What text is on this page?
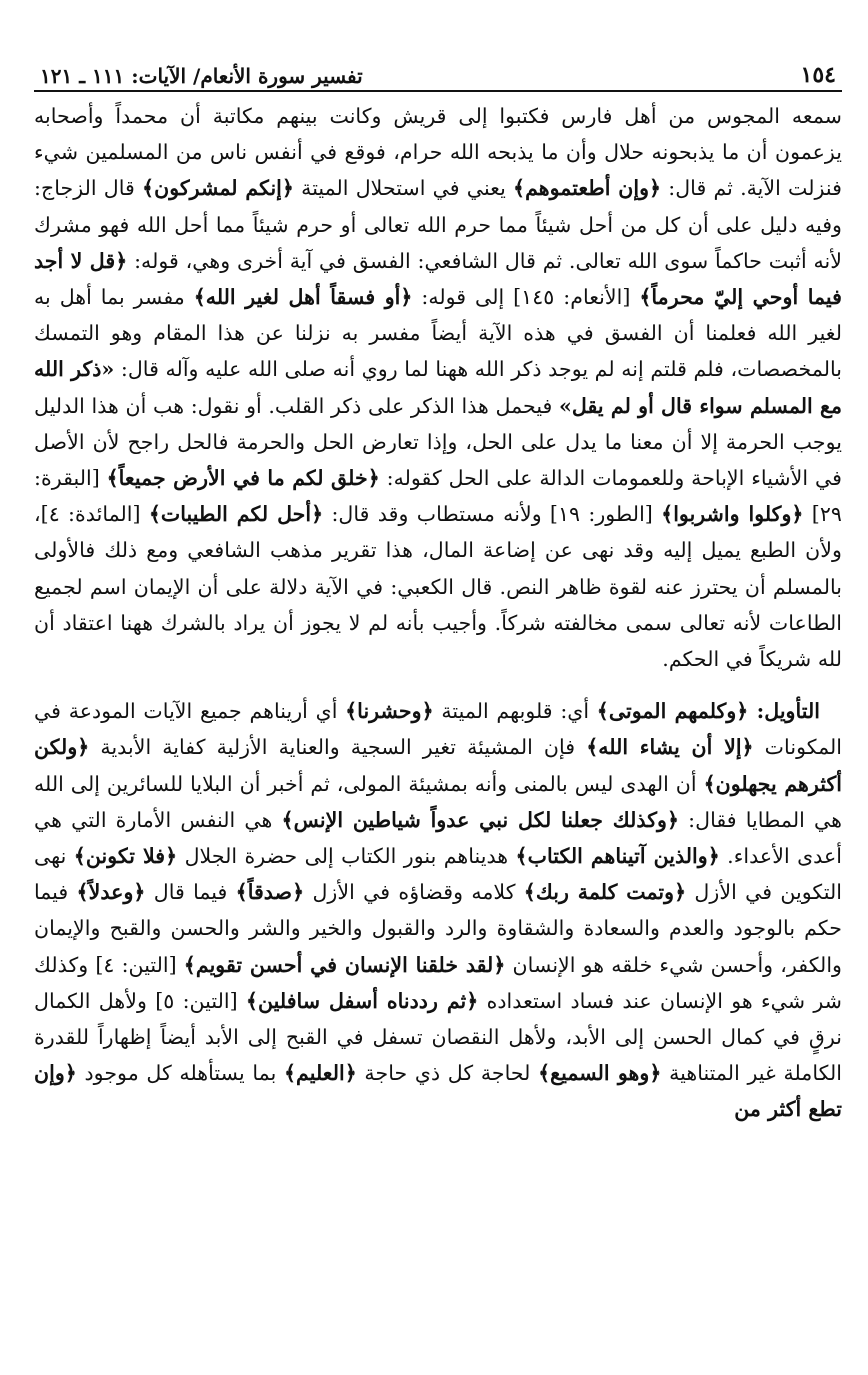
١٥٤
تفسير سورة الأنعام/ الآيات: ١١١ ـ ١٢١

سمعه المجوس من أهل فارس فكتبوا إلى قريش وكانت بينهم مكاتبة أن محمداً وأصحابه يزعمون أن ما يذبحونه حلال وأن ما يذبحه الله حرام، فوقع في أنفس ناس من المسلمين شيء فنزلت الآية. ثم قال: ﴿وإن أطعتموهم﴾ يعني في استحلال الميتة ﴿إنكم لمشركون﴾ قال الزجاج: وفيه دليل على أن كل من أحل شيئاً مما حرم الله تعالى أو حرم شيئاً مما أحل الله فهو مشرك لأنه أثبت حاكماً سوى الله تعالى. ثم قال الشافعي: الفسق في آية أخرى وهي، قوله: ﴿قل لا أجد فيما أوحي إليّ محرماً﴾ [الأنعام: ١٤٥] إلى قوله: ﴿أو فسقاً أهل لغير الله﴾ مفسر بما أهل به لغير الله فعلمنا أن الفسق في هذه الآية أيضاً مفسر به نزلنا عن هذا المقام وهو التمسك بالمخصصات، فلم قلتم إنه لم يوجد ذكر الله ههنا لما روي أنه صلى الله عليه وآله قال: «ذكر الله مع المسلم سواء قال أو لم يقل» فيحمل هذا الذكر على ذكر القلب. أو نقول: هب أن هذا الدليل يوجب الحرمة إلا أن معنا ما يدل على الحل، وإذا تعارض الحل والحرمة فالحل راجح لأن الأصل في الأشياء الإباحة وللعمومات الدالة على الحل كقوله: ﴿خلق لكم ما في الأرض جميعاً﴾ [البقرة: ٢٩] ﴿وكلوا واشربوا﴾ [الطور: ١٩] ولأنه مستطاب وقد قال: ﴿أحل لكم الطيبات﴾ [المائدة: ٤]، ولأن الطبع يميل إليه وقد نهى عن إضاعة المال، هذا تقرير مذهب الشافعي ومع ذلك فالأولى بالمسلم أن يحترز عنه لقوة ظاهر النص. قال الكعبي: في الآية دلالة على أن الإيمان اسم لجميع الطاعات لأنه تعالى سمى مخالفته شركاً. وأجيب بأنه لم لا يجوز أن يراد بالشرك ههنا اعتقاد أن لله شريكاً في الحكم.

التأويل: ﴿وكلمهم الموتى﴾ أي: قلوبهم الميتة ﴿وحشرنا﴾ أي أريناهم جميع الآيات المودعة في المكونات ﴿إلا أن يشاء الله﴾ فإن المشيئة تغير السجية والعناية الأزلية كفاية الأبدية ﴿ولكن أكثرهم يجهلون﴾ أن الهدى ليس بالمنى وأنه بمشيئة المولى، ثم أخبر أن البلايا للسائرين إلى الله هي المطايا فقال: ﴿وكذلك جعلنا لكل نبي عدواً شياطين الإنس﴾ هي النفس الأمارة التي هي أعدى الأعداء. ﴿والذين آتيناهم الكتاب﴾ هديناهم بنور الكتاب إلى حضرة الجلال ﴿فلا تكونن﴾ نهى التكوين في الأزل ﴿وتمت كلمة ربك﴾ كلامه وقضاؤه في الأزل ﴿صدقاً﴾ فيما قال ﴿وعدلاً﴾ فيما حكم بالوجود والعدم والسعادة والشقاوة والرد والقبول والخير والشر والحسن والقبح والإيمان والكفر، وأحسن شيء خلقه هو الإنسان ﴿لقد خلقنا الإنسان في أحسن تقويم﴾ [التين: ٤] وكذلك شر شيء هو الإنسان عند فساد استعداده ﴿ثم رددناه أسفل سافلين﴾ [التين: ٥] ولأهل الكمال نرقٍ في كمال الحسن إلى الأبد، ولأهل النقصان تسفل في القبح إلى الأبد أيضاً إظهاراً للقدرة الكاملة غير المتناهية ﴿وهو السميع﴾ لحاجة كل ذي حاجة ﴿العليم﴾ بما يستأهله كل موجود ﴿وإن تطع أكثر من
